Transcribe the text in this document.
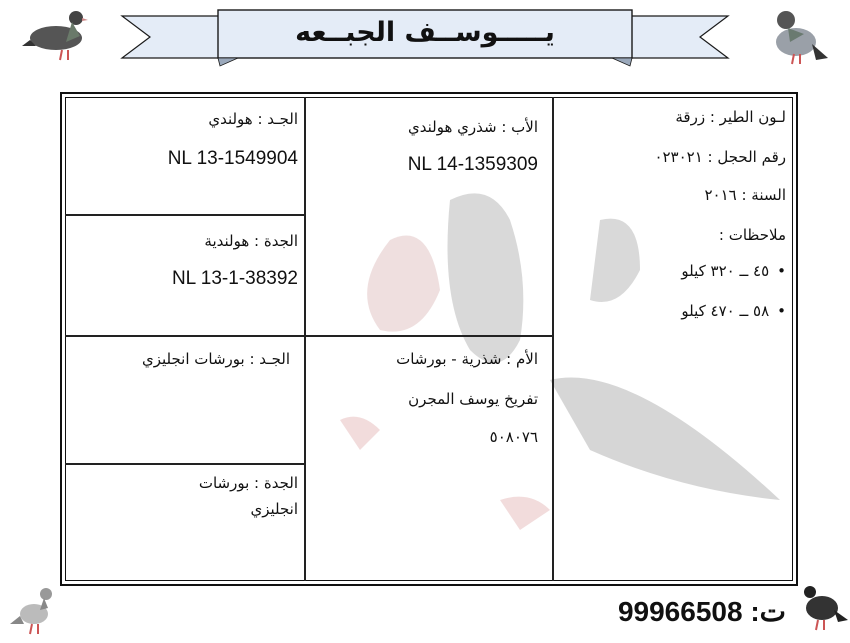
يـــــوســف الجبــعه
لـون الطير : زرقة
رقم الحجل : ٠٢٣٠٢١
السنة : ٢٠١٦
ملاحظات :
•
٤٥ ــ ٣٢٠ كيلو
•
٥٨ ــ ٤٧٠ كيلو
الأب : شذري هولندي
NL 14-1359309
الأم : شذرية - بورشات
تفريخ يوسف المجرن
٥٠٨٠٧٦
الجـد : هولندي
NL 13-1549904
الجدة : هولندية
NL 13-1-38392
الجـد : بورشات انجليزي
الجدة : بورشات
انجليزي
ت: 99966508
